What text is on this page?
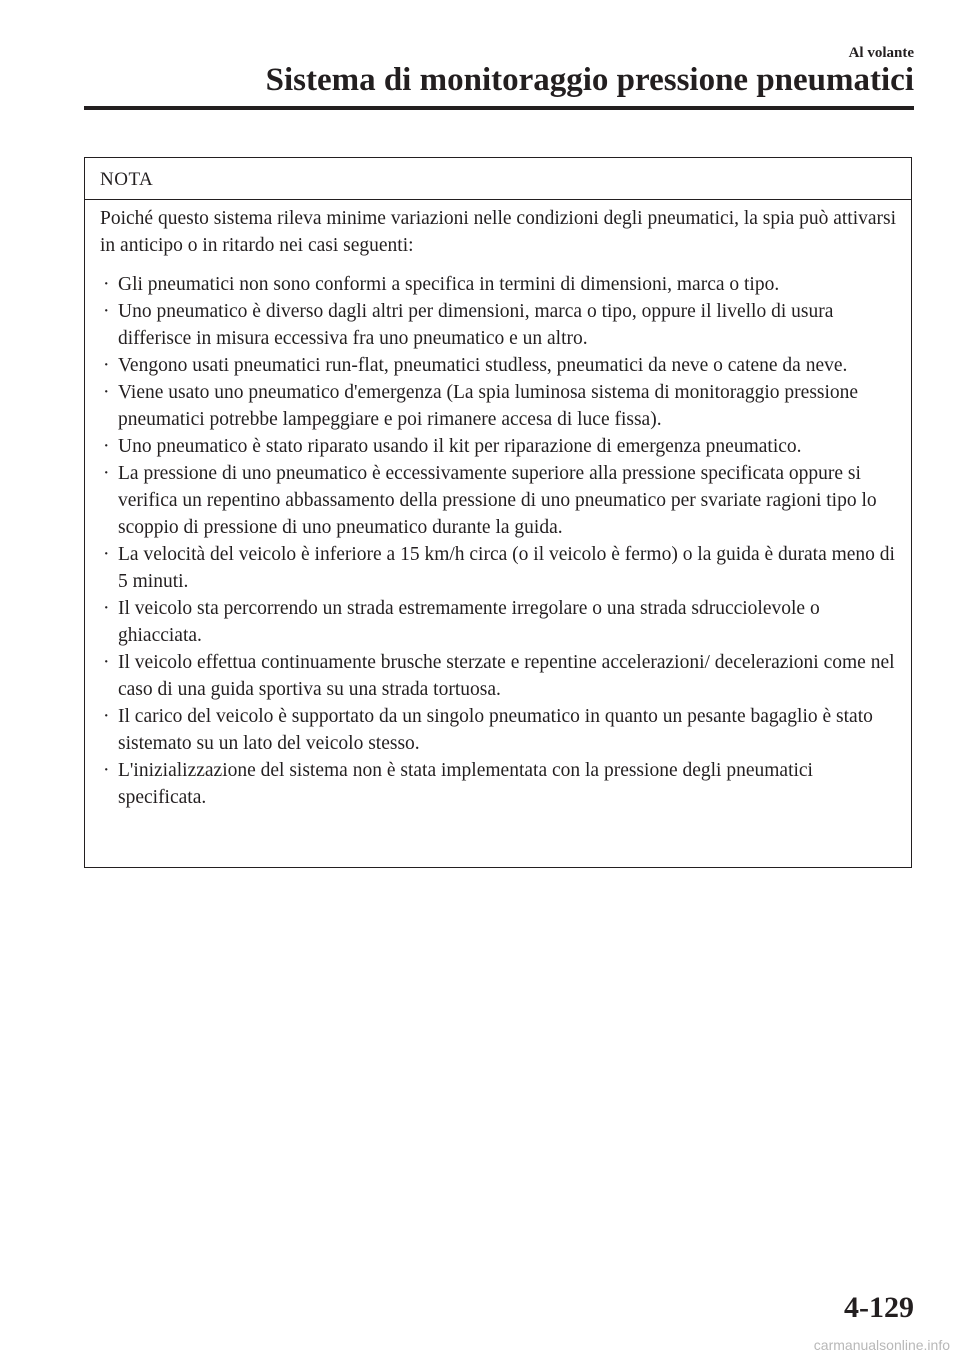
Al volante
Sistema di monitoraggio pressione pneumatici
NOTA

Poiché questo sistema rileva minime variazioni nelle condizioni degli pneumatici, la spia può attivarsi in anticipo o in ritardo nei casi seguenti:

· Gli pneumatici non sono conformi a specifica in termini di dimensioni, marca o tipo.
· Uno pneumatico è diverso dagli altri per dimensioni, marca o tipo, oppure il livello di usura differisce in misura eccessiva fra uno pneumatico e un altro.
· Vengono usati pneumatici run-flat, pneumatici studless, pneumatici da neve o catene da neve.
· Viene usato uno pneumatico d'emergenza (La spia luminosa sistema di monitoraggio pressione pneumatici potrebbe lampeggiare e poi rimanere accesa di luce fissa).
· Uno pneumatico è stato riparato usando il kit per riparazione di emergenza pneumatico.
· La pressione di uno pneumatico è eccessivamente superiore alla pressione specificata oppure si verifica un repentino abbassamento della pressione di uno pneumatico per svariate ragioni tipo lo scoppio di pressione di uno pneumatico durante la guida.
· La velocità del veicolo è inferiore a 15 km/h circa (o il veicolo è fermo) o la guida è durata meno di 5 minuti.
· Il veicolo sta percorrendo un strada estremamente irregolare o una strada sdrucciolevole o ghiacciata.
· Il veicolo effettua continuamente brusche sterzate e repentine accelerazioni/ decelerazioni come nel caso di una guida sportiva su una strada tortuosa.
· Il carico del veicolo è supportato da un singolo pneumatico in quanto un pesante bagaglio è stato sistemato su un lato del veicolo stesso.
· L'inizializzazione del sistema non è stata implementata con la pressione degli pneumatici specificata.
4-129
carmanualsonline.info
